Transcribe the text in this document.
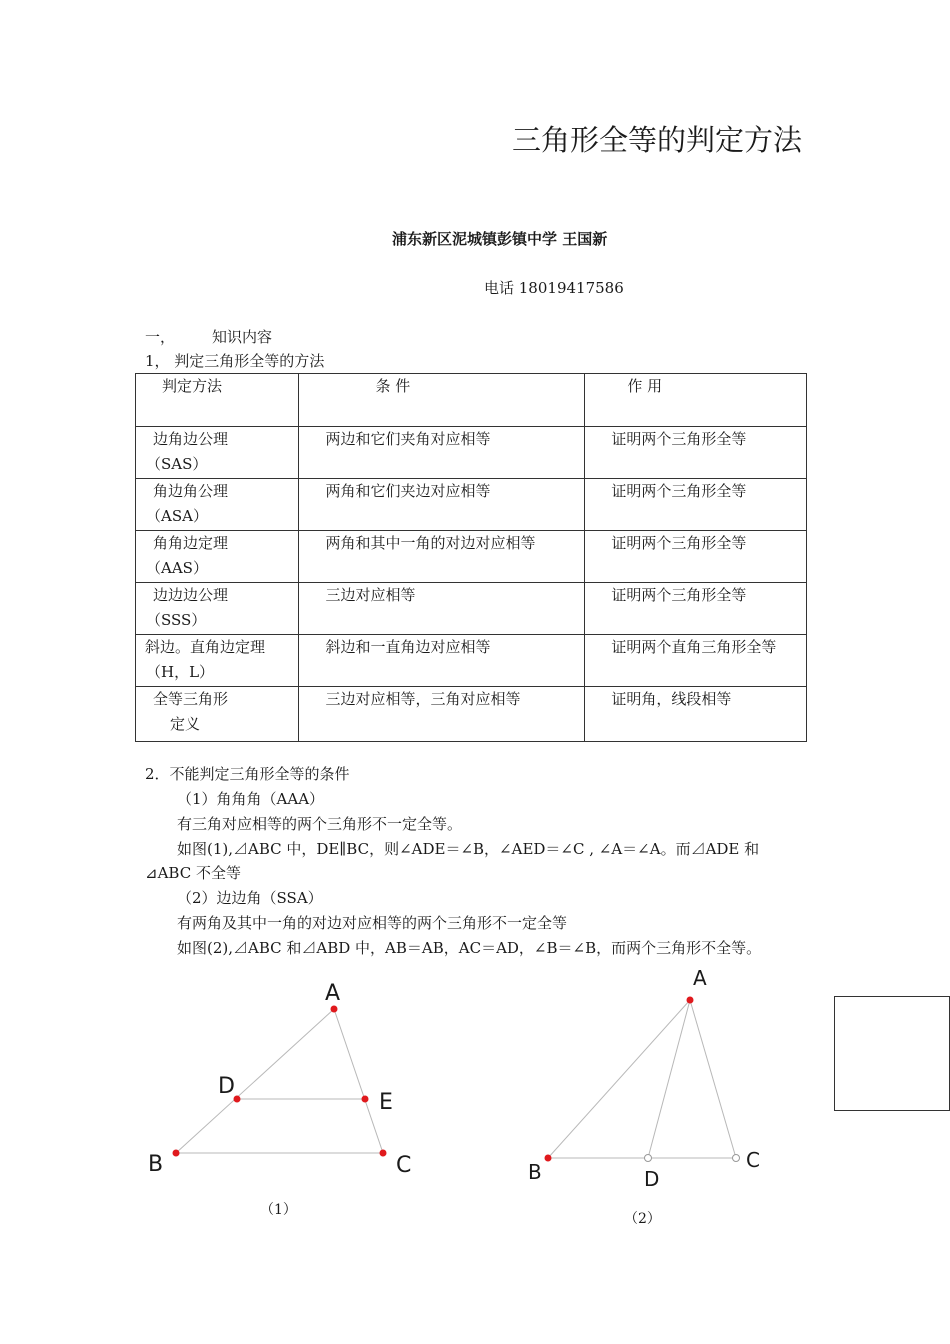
三角形全等的判定方法
浦东新区泥城镇彭镇中学 王国新
电话 18019417586
一， 知识内容
1， 判定三角形全等的方法
判定方法	条 件	作 用

边角边公理
（SAS）	两边和它们夹角对应相等	证明两个三角形全等

角边角公理
（ASA）	两角和它们夹边对应相等	证明两个三角形全等

角角边定理
（AAS）	两角和其中一角的对边对应相等	证明两个三角形全等

边边边公理
（SSS）	三边对应相等	证明两个三角形全等

斜边。直角边定理
（H，L）	斜边和一直角边对应相等	证明两个直角三角形全等

全等三角形
定义	三边对应相等，三角对应相等	证明角，线段相等
2．不能判定三角形全等的条件
（1）角角角（AAA）
有三角对应相等的两个三角形不一定全等。
如图(1),⊿ABC 中，DE∥BC，则∠ADE＝∠B，∠AED＝∠C , ∠A＝∠A。而⊿ADE 和
⊿ABC 不全等
（2）边边角（SSA）
有两角及其中一角的对边对应相等的两个三角形不一定全等
如图(2),⊿ABC 和⊿ABD 中，AB＝AB，AC＝AD，∠B＝∠B，而两个三角形不全等。
A
B	C
D
E
（1）
A
B	C
D
（2）
